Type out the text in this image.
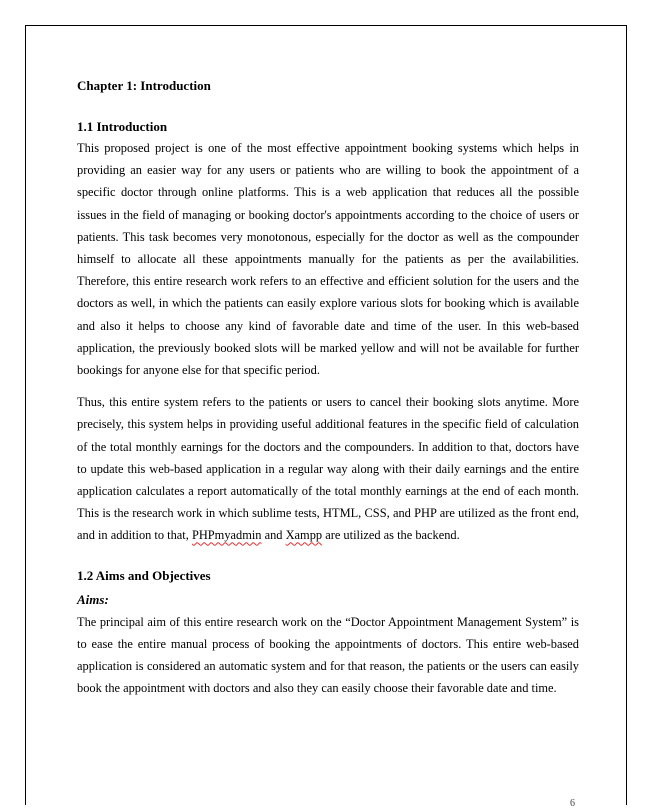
Chapter 1: Introduction
1.1 Introduction

This proposed project is one of the most effective appointment booking systems which helps in providing an easier way for any users or patients who are willing to book the appointment of a specific doctor through online platforms. This is a web application that reduces all the possible issues in the field of managing or booking doctor's appointments according to the choice of users or patients. This task becomes very monotonous, especially for the doctor as well as the compounder himself to allocate all these appointments manually for the patients as per the availabilities. Therefore, this entire research work refers to an effective and efficient solution for the users and the doctors as well, in which the patients can easily explore various slots for booking which is available and also it helps to choose any kind of favorable date and time of the user. In this web-based application, the previously booked slots will be marked yellow and will not be available for further bookings for anyone else for that specific period.

Thus, this entire system refers to the patients or users to cancel their booking slots anytime. More precisely, this system helps in providing useful additional features in the specific field of calculation of the total monthly earnings for the doctors and the compounders. In addition to that, doctors have to update this web-based application in a regular way along with their daily earnings and the entire application calculates a report automatically of the total monthly earnings at the end of each month. This is the research work in which sublime tests, HTML, CSS, and PHP are utilized as the front end, and in addition to that, PHPmyadmin and Xampp are utilized as the backend.

1.2 Aims and Objectives
Aims:

The principal aim of this entire research work on the “Doctor Appointment Management System” is to ease the entire manual process of booking the appointments of doctors. This entire web-based application is considered an automatic system and for that reason, the patients or the users can easily book the appointment with doctors and also they can easily choose their favorable date and time.

6
